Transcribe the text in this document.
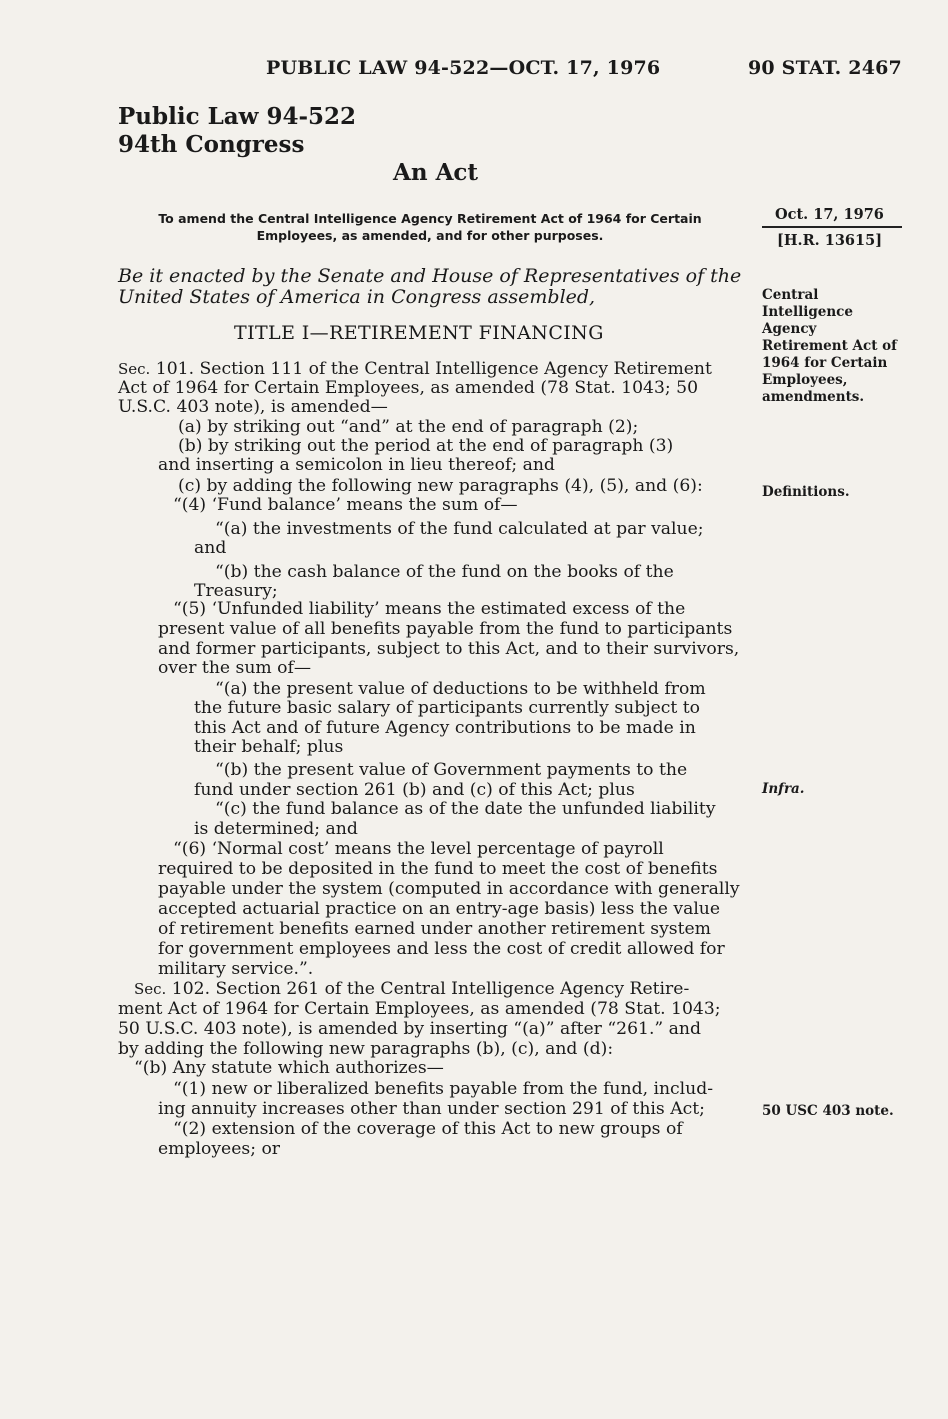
PUBLIC LAW 94-522—OCT. 17, 1976	90 STAT. 2467
Public Law 94-522
94th Congress
An Act
To amend the Central Intelligence Agency Retirement Act of 1964 for Certain
Employees, as amended, and for other purposes.
Oct. 17, 1976
[H.R. 13615]
Be it enacted by the Senate and House of Representatives of the
United States of America in Congress assembled,	Central
Intelligence
Agency
Retirement Act of
1964 for Certain
Employees,
amendments.
TITLE I—RETIREMENT FINANCING
Sec. 101. Section 111 of the Central Intelligence Agency Retirement
Act of 1964 for Certain Employees, as amended (78 Stat. 1043; 50
U.S.C. 403 note), is amended—
(a) by striking out “and” at the end of paragraph (2);
(b) by striking out the period at the end of paragraph (3)
and inserting a semicolon in lieu thereof; and
(c) by adding the following new paragraphs (4), (5), and (6):	Definitions.
“(4) ‘Fund balance’ means the sum of—
“(a) the investments of the fund calculated at par value;
and
“(b) the cash balance of the fund on the books of the
Treasury;
“(5) ‘Unfunded liability’ means the estimated excess of the
present value of all benefits payable from the fund to participants
and former participants, subject to this Act, and to their survivors,
over the sum of—
“(a) the present value of deductions to be withheld from
the future basic salary of participants currently subject to
this Act and of future Agency contributions to be made in
their behalf; plus
“(b) the present value of Government payments to the
fund under section 261 (b) and (c) of this Act; plus	Infra.
“(c) the fund balance as of the date the unfunded liability
is determined; and
“(6) ‘Normal cost’ means the level percentage of payroll
required to be deposited in the fund to meet the cost of benefits
payable under the system (computed in accordance with generally
accepted actuarial practice on an entry-age basis) less the value
of retirement benefits earned under another retirement system
for government employees and less the cost of credit allowed for
military service.”.
Sec. 102. Section 261 of the Central Intelligence Agency Retire-
ment Act of 1964 for Certain Employees, as amended (78 Stat. 1043;
50 U.S.C. 403 note), is amended by inserting “(a)” after “261.” and
by adding the following new paragraphs (b), (c), and (d):
“(b) Any statute which authorizes—
“(1) new or liberalized benefits payable from the fund, includ-
ing annuity increases other than under section 291 of this Act;	50 USC 403 note.
“(2) extension of the coverage of this Act to new groups of
employees; or
